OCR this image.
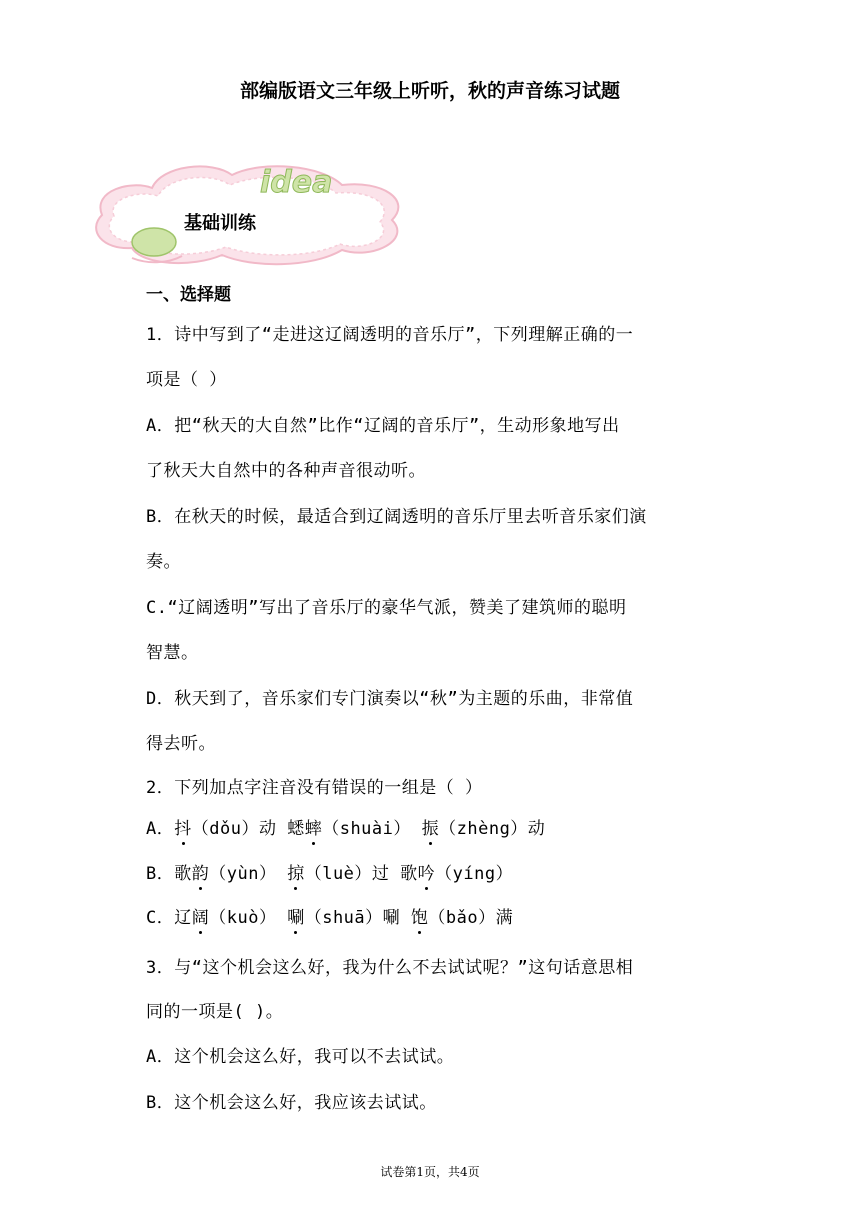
部编版语文三年级上听听，秋的声音练习试题
idea
基础训练
一、选择题
1．诗中写到了“走进这辽阔透明的音乐厅”，下列理解正确的一
项是（ ）
A．把“秋天的大自然”比作“辽阔的音乐厅”，生动形象地写出
了秋天大自然中的各种声音很动听。
B．在秋天的时候，最适合到辽阔透明的音乐厅里去听音乐家们演
奏。
C.“辽阔透明”写出了音乐厅的豪华气派，赞美了建筑师的聪明
智慧。
D．秋天到了，音乐家们专门演奏以“秋”为主题的乐曲，非常值
得去听。
2．下列加点字注音没有错误的一组是（ ）
A．抖（dǒu）动 蟋蟀（shuài） 振（zhèng）动
B．歌韵（yùn） 掠（luè）过 歌吟（yíng）
C．辽阔（kuò） 唰（shuā）唰 饱（bǎo）满
3．与“这个机会这么好，我为什么不去试试呢？”这句话意思相
同的一项是( )。
A．这个机会这么好，我可以不去试试。
B．这个机会这么好，我应该去试试。
试卷第1页，共4页
